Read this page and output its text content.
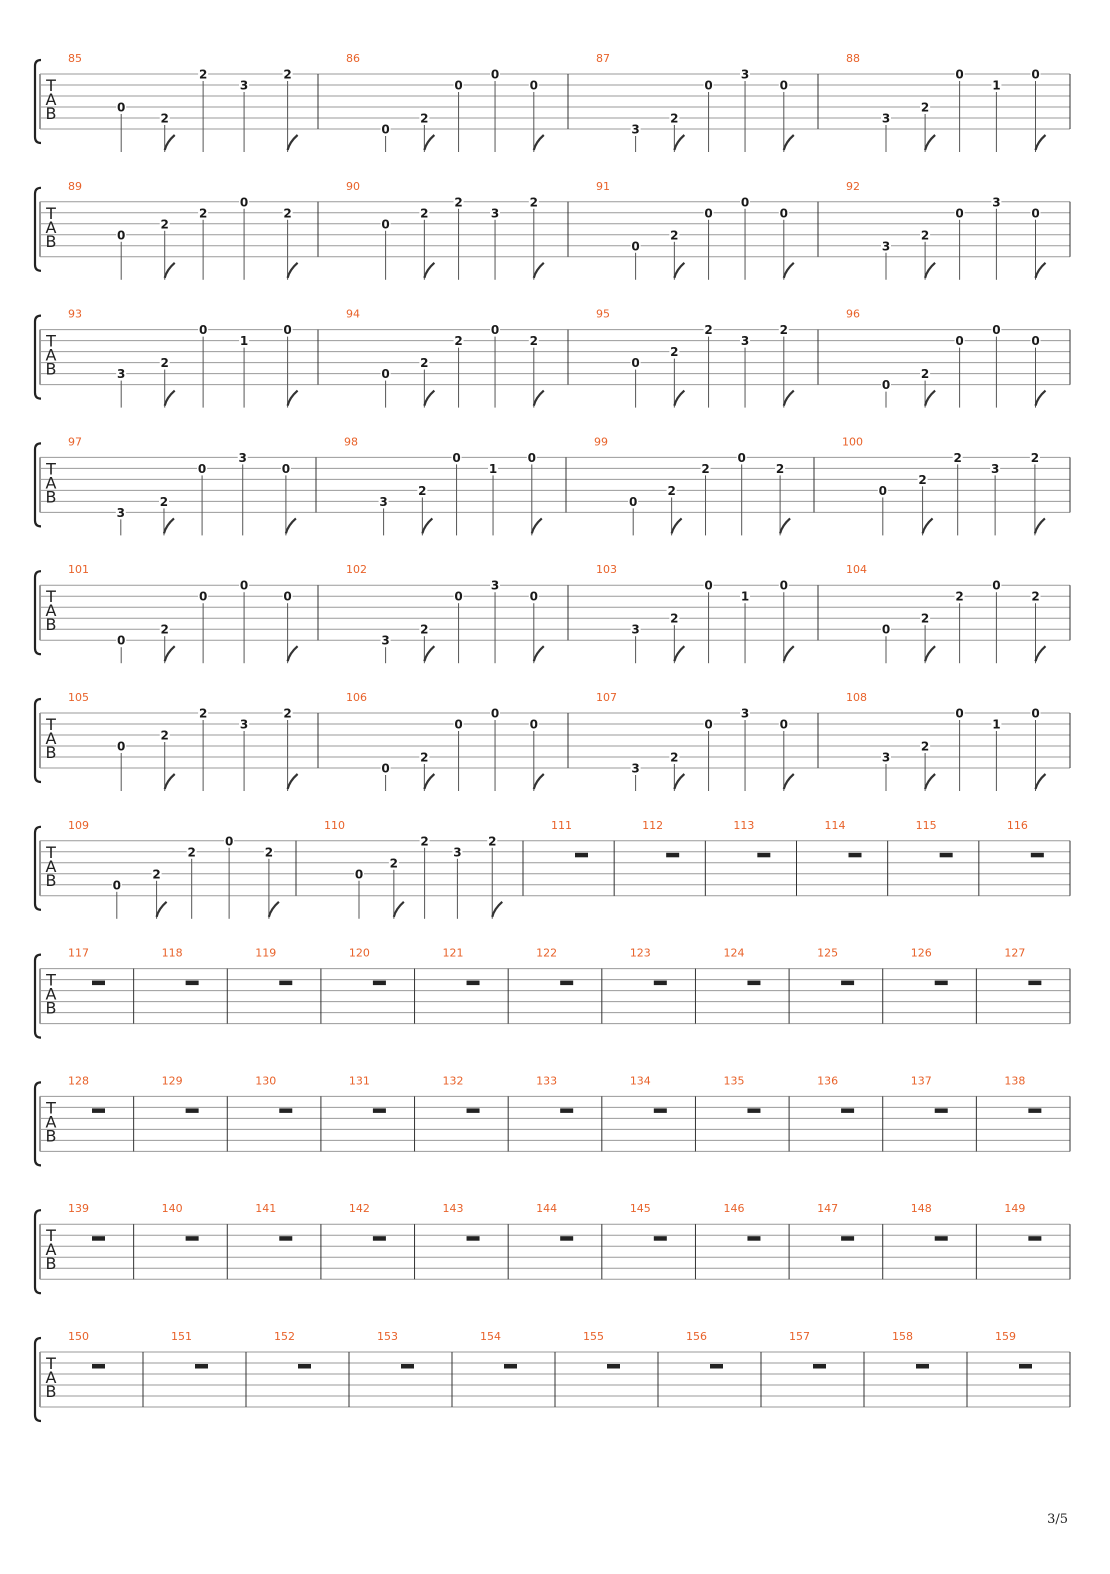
T
A
B
85
0
2
2
3
2
86
0
2
0
0
0
87
3
2
0
3
0
88
3
2
0
1
0
T
A
B
89
0
2
2
0
2
90
0
2
2
3
2
91
0
2
0
0
0
92
3
2
0
3
0
T
A
B
93
3
2
0
1
0
94
0
2
2
0
2
95
0
2
2
3
2
96
0
2
0
0
0
T
A
B
97
3
2
0
3
0
98
3
2
0
1
0
99
0
2
2
0
2
100
0
2
2
3
2
T
A
B
101
0
2
0
0
0
102
3
2
0
3
0
103
3
2
0
1
0
104
0
2
2
0
2
T
A
B
105
0
2
2
3
2
106
0
2
0
0
0
107
3
2
0
3
0
108
3
2
0
1
0
T
A
B
109
0
2
2
0
2
110
0
2
2
3
2
111	112	113	114	115	116
T
A
B
117	118	119	120	121	122	123	124	125	126	127
T
A
B
128	129	130	131	132	133	134	135	136	137	138
T
A
B
139	140	141	142	143	144	145	146	147	148	149
T
A
B
150	151	152	153	154	155	156	157	158	159
3/5
